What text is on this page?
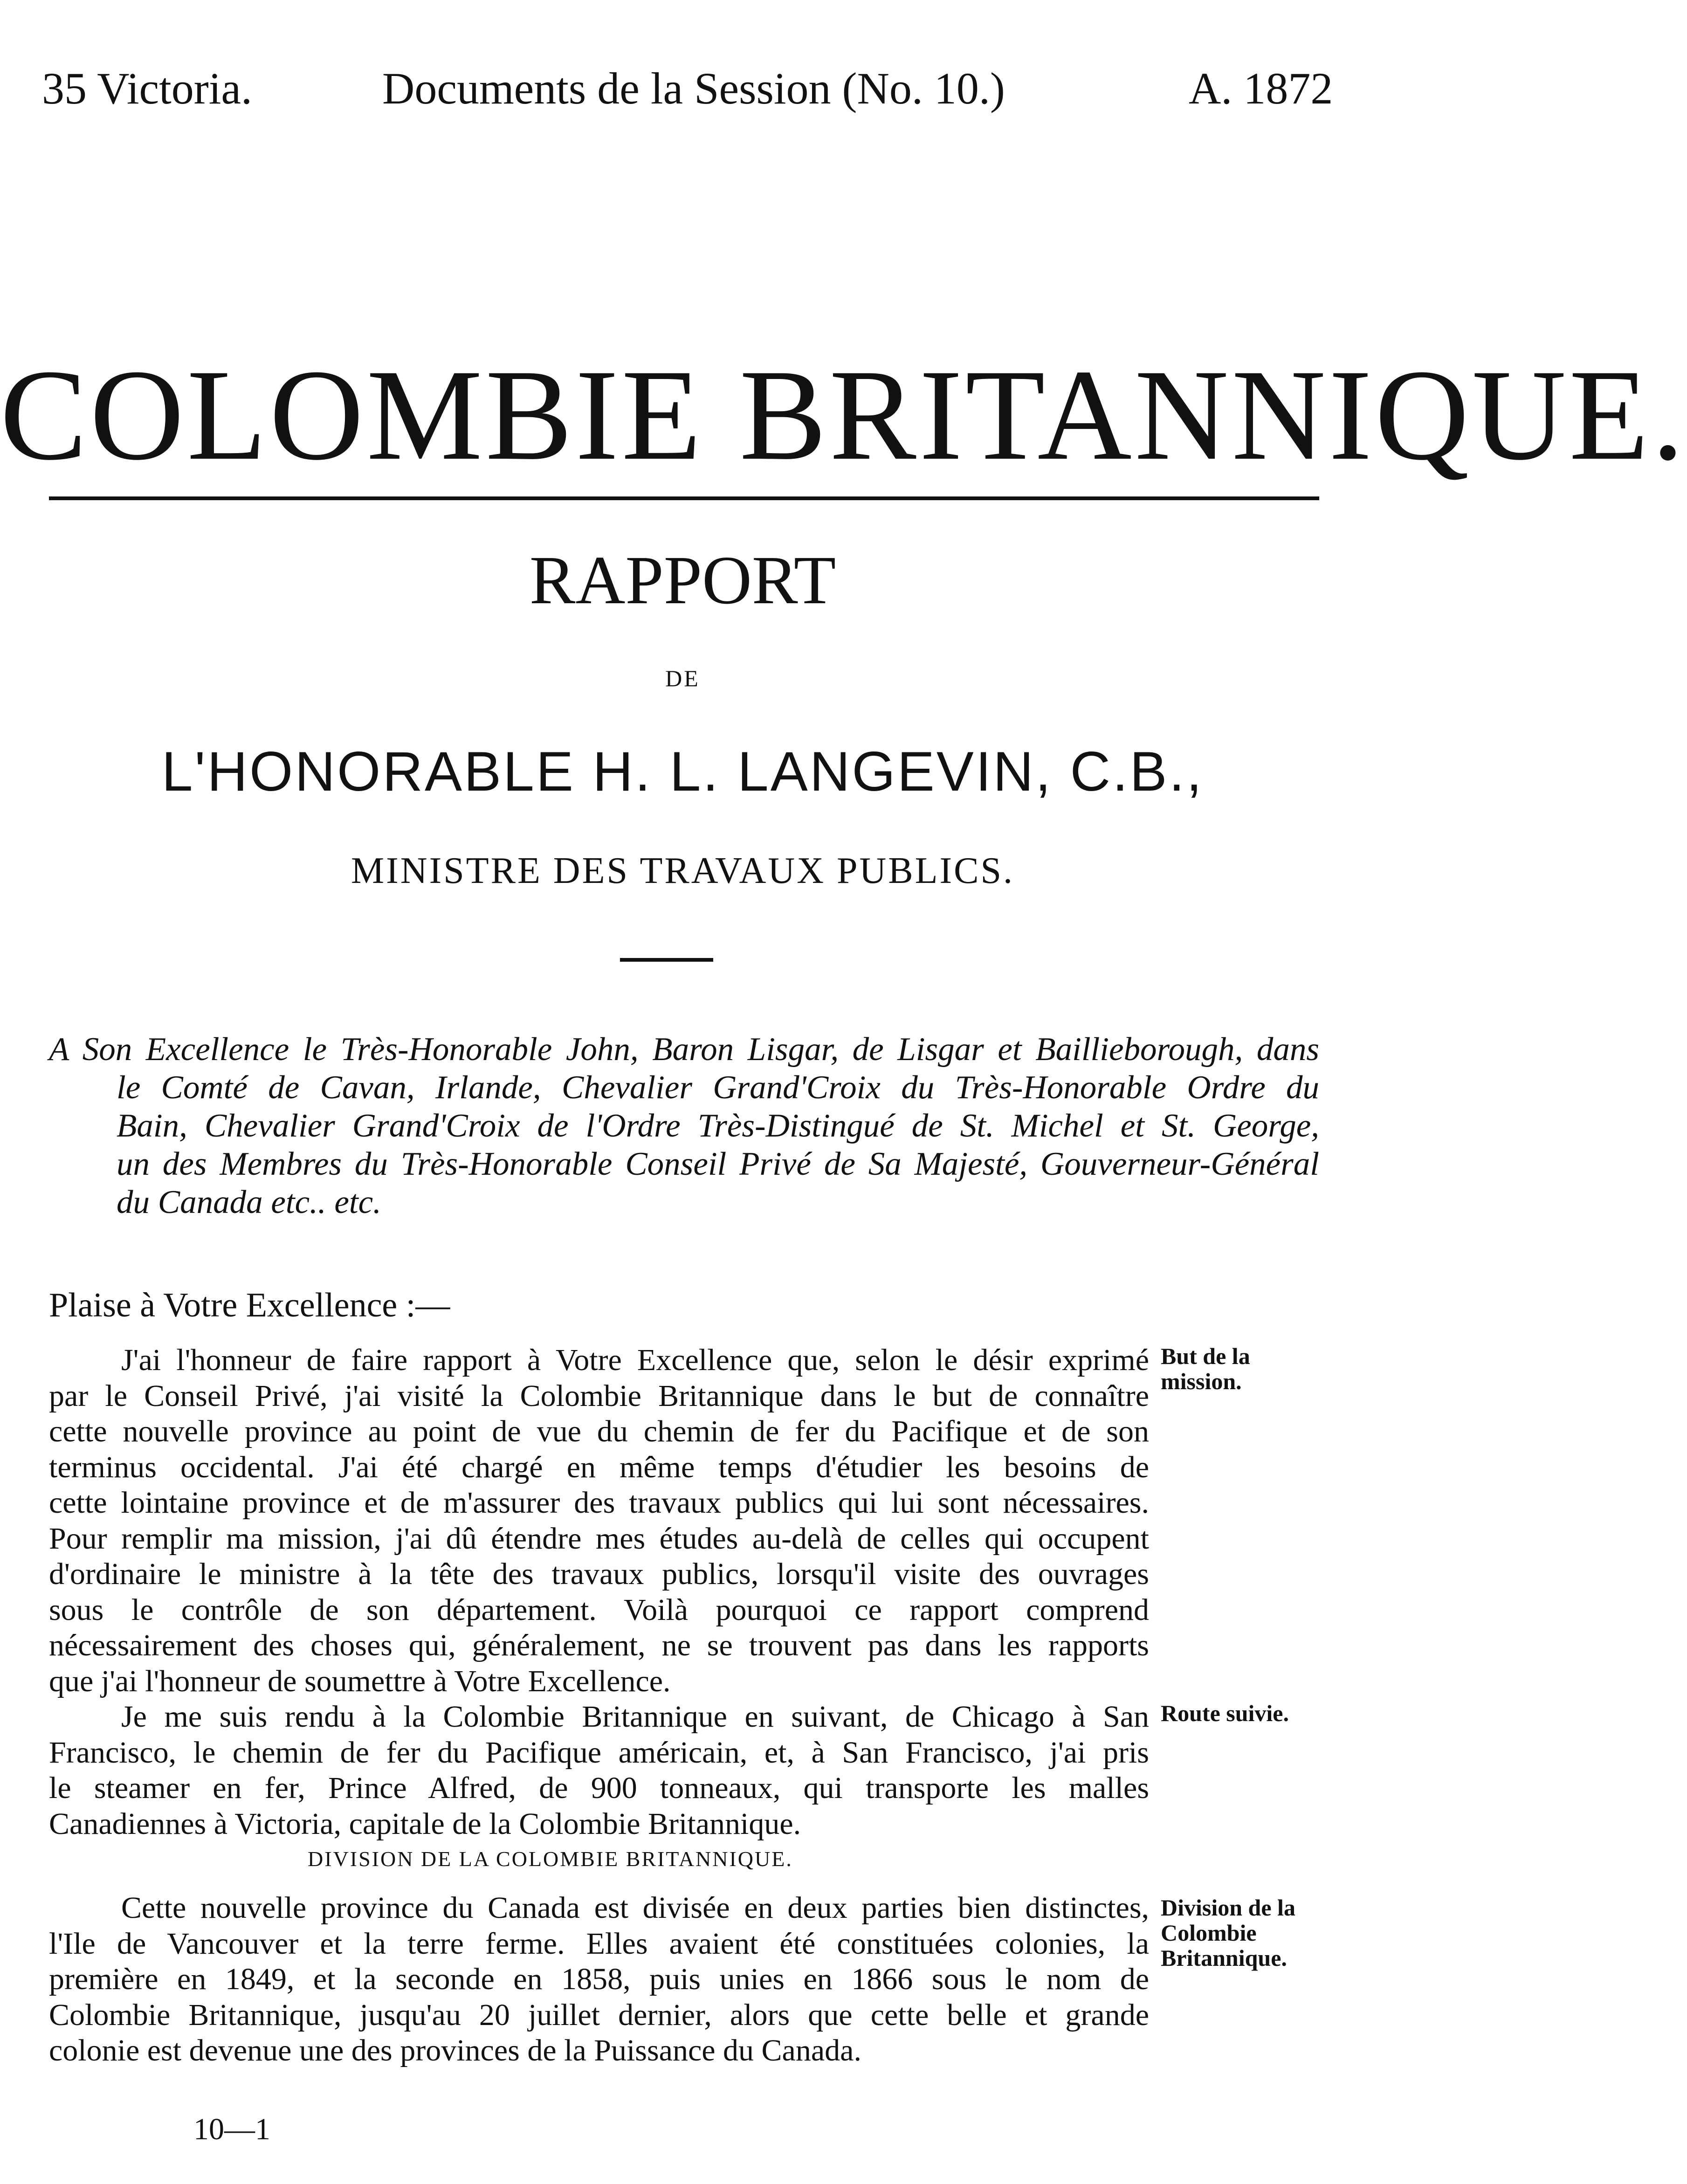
35 Victoria.	Documents de la Session (No. 10.)	A. 1872
COLOMBIE BRITANNIQUE.
RAPPORT
DE
L'HONORABLE H. L. LANGEVIN, C.B.,
MINISTRE DES TRAVAUX PUBLICS.
A Son Excellence le Très-Honorable John, Baron Lisgar, de Lisgar et Baillieborough, dans
le Comté de Cavan, Irlande, Chevalier Grand'Croix du Très-Honorable Ordre du
Bain, Chevalier Grand'Croix de l'Ordre Très-Distingué de St. Michel et St. George,
un des Membres du Très-Honorable Conseil Privé de Sa Majesté, Gouverneur-Général
du Canada etc.. etc.
Plaise à Votre Excellence :—
J'ai l'honneur de faire rapport à Votre Excellence que, selon le désir exprimé
par le Conseil Privé, j'ai visité la Colombie Britannique dans le but de connaître
cette nouvelle province au point de vue du chemin de fer du Pacifique et de son
terminus occidental. J'ai été chargé en même temps d'étudier les besoins de
cette lointaine province et de m'assurer des travaux publics qui lui sont nécessaires.
Pour remplir ma mission, j'ai dû étendre mes études au-delà de celles qui occupent
d'ordinaire le ministre à la tête des travaux publics, lorsqu'il visite des ouvrages
sous le contrôle de son département. Voilà pourquoi ce rapport comprend
nécessairement des choses qui, généralement, ne se trouvent pas dans les rapports
que j'ai l'honneur de soumettre à Votre Excellence.
But de la mission.
Je me suis rendu à la Colombie Britannique en suivant, de Chicago à San
Francisco, le chemin de fer du Pacifique américain, et, à San Francisco, j'ai pris
le steamer en fer, Prince Alfred, de 900 tonneaux, qui transporte les malles
Canadiennes à Victoria, capitale de la Colombie Britannique.
Route suivie.
DIVISION DE LA COLOMBIE BRITANNIQUE.
Cette nouvelle province du Canada est divisée en deux parties bien distinctes,
l'Ile de Vancouver et la terre ferme. Elles avaient été constituées colonies, la
première en 1849, et la seconde en 1858, puis unies en 1866 sous le nom de
Colombie Britannique, jusqu'au 20 juillet dernier, alors que cette belle et grande
colonie est devenue une des provinces de la Puissance du Canada.
Division de la Colombie Britannique.
10—1
